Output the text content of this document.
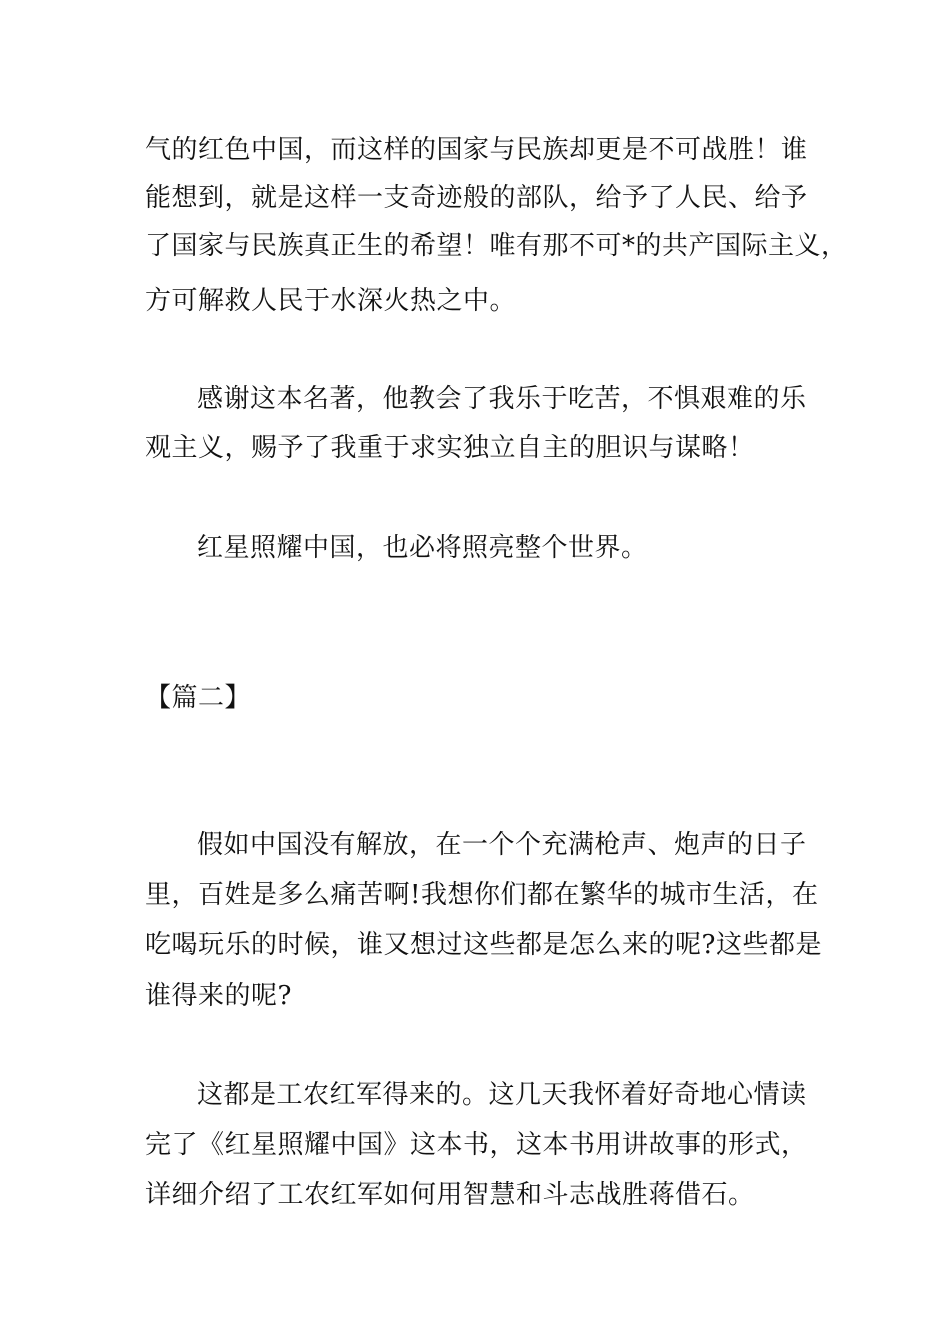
气的红色中国，而这样的国家与民族却更是不可战胜！谁
能想到，就是这样一支奇迹般的部队，给予了人民、给予
了国家与民族真正生的希望！唯有那不可*的共产国际主义，
方可解救人民于水深火热之中。
感谢这本名著，他教会了我乐于吃苦，不惧艰难的乐
观主义，赐予了我重于求实独立自主的胆识与谋略！
红星照耀中国，也必将照亮整个世界。
【篇二】
假如中国没有解放，在一个个充满枪声、炮声的日子
里，百姓是多么痛苦啊!我想你们都在繁华的城市生活，在
吃喝玩乐的时候，谁又想过这些都是怎么来的呢?这些都是
谁得来的呢?
这都是工农红军得来的。这几天我怀着好奇地心情读
完了《红星照耀中国》这本书，这本书用讲故事的形式，
详细介绍了工农红军如何用智慧和斗志战胜蒋借石。
